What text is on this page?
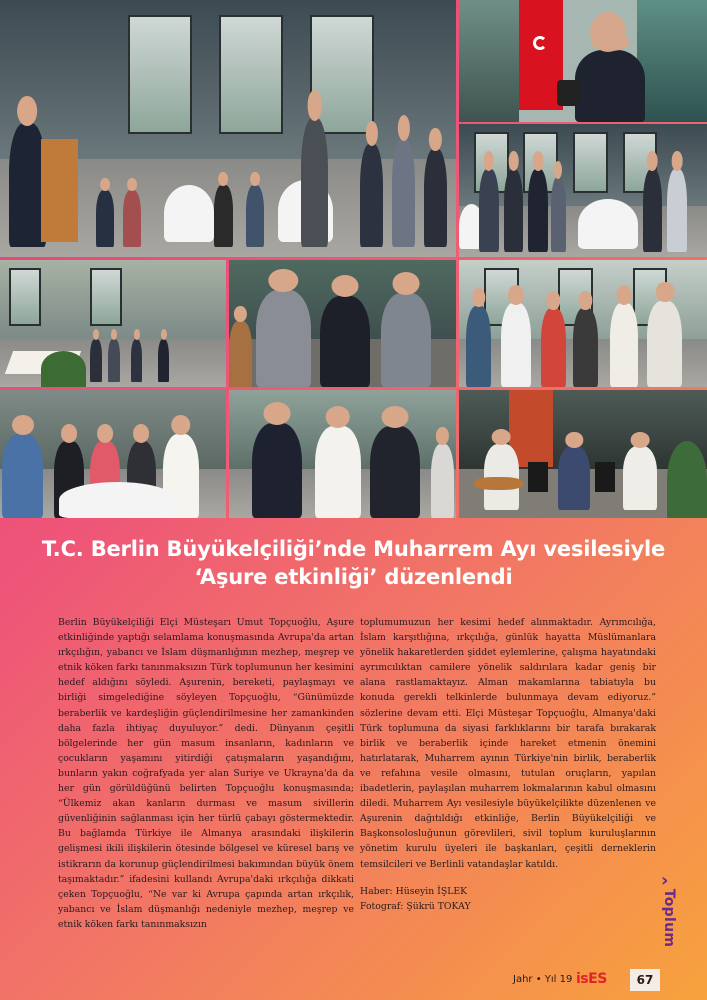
T.C. Berlin Büyükelçiliği’nde Muharrem Ayı vesilesiyle
‘Aşure etkinliği’ düzenlendi

Berlin Büyükelçiliği Elçi Müsteşarı Umut Topçuoğlu, Aşure etkinliğinde yaptığı selamlama konuşmasında Avrupa'da artan ırkçılığın, yabancı ve İslam düşmanlığının mezhep, meşrep ve etnik köken farkı tanınmaksızın Türk toplumunun her kesimini hedef aldığını söyledi. Aşurenin, bereketi, paylaşmayı ve birliği simgelediğine söyleyen Topçuoğlu, “Günümüzde beraberlik ve kardeşliğin güçlendirilmesine her zamankinden daha fazla ihtiyaç duyuluyor.” dedi. Dünyanın çeşitli bölgelerinde her gün masum insanların, kadınların ve çocukların yaşamını yitirdiği çatışmaların yaşandığını, bunların yakın coğrafyada yer alan Suriye ve Ukrayna'da da her gün görüldüğünü belirten Topçuoğlu konuşmasında; “Ülkemiz akan kanların durması ve masum sivillerin güvenliğinin sağlanması için her türlü çabayı göstermektedir. Bu bağlamda Türkiye ile Almanya arasındaki ilişkilerin gelişmesi ikili ilişkilerin ötesinde bölgesel ve küresel barış ve istikrarın da korunup güçlendirilmesi bakımından büyük önem taşımaktadır.” ifadesini kullandı Avrupa'daki ırkçılığa dikkati çeken Topçuoğlu, “Ne var ki Avrupa çapında artan ırkçılık, yabancı ve İslam düşmanlığı nedeniyle mezhep, meşrep ve etnik köken farkı tanınmaksızın

toplumumuzun her kesimi hedef alınmaktadır. Ayrımcılığa, İslam karşıtlığına, ırkçılığa, günlük hayatta Müslümanlara yönelik hakaretlerden şiddet eylemlerine, çalışma hayatındaki ayrımcılıktan camilere yönelik saldırılara kadar geniş bir alana rastlamaktayız. Alman makamlarına tabiatıyla bu konuda gerekli telkinlerde bulunmaya devam ediyoruz.” sözlerine devam etti. Elçi Müsteşar Topçuoğlu, Almanya'daki Türk toplumuna da siyasi farklıklarını bir tarafa bırakarak birlik ve beraberlik içinde hareket etmenin önemini hatırlatarak, Muharrem ayının Türkiye'nin birlik, beraberlik ve refahına vesile olmasını, tutulan oruçların, yapılan ibadetlerin, paylaşılan muharrem lokmalarının kabul olmasını diledi. Muharrem Ayı vesilesiyle büyükelçilikte düzenlenen ve Aşurenin dağıtıldığı etkinliğe, Berlin Büyükelçiliği ve Başkonsolosluğunun görevlileri, sivil toplum kuruluşlarının yönetim kurulu üyeleri ile başkanları, çeşitli derneklerin temsilcileri ve Berlinli vatandaşlar katıldı.

Haber: Hüseyin İŞLEK
Fotograf: Şükrü TOKAY
›
Toplum
Jahr • Yıl 19 isES	67
